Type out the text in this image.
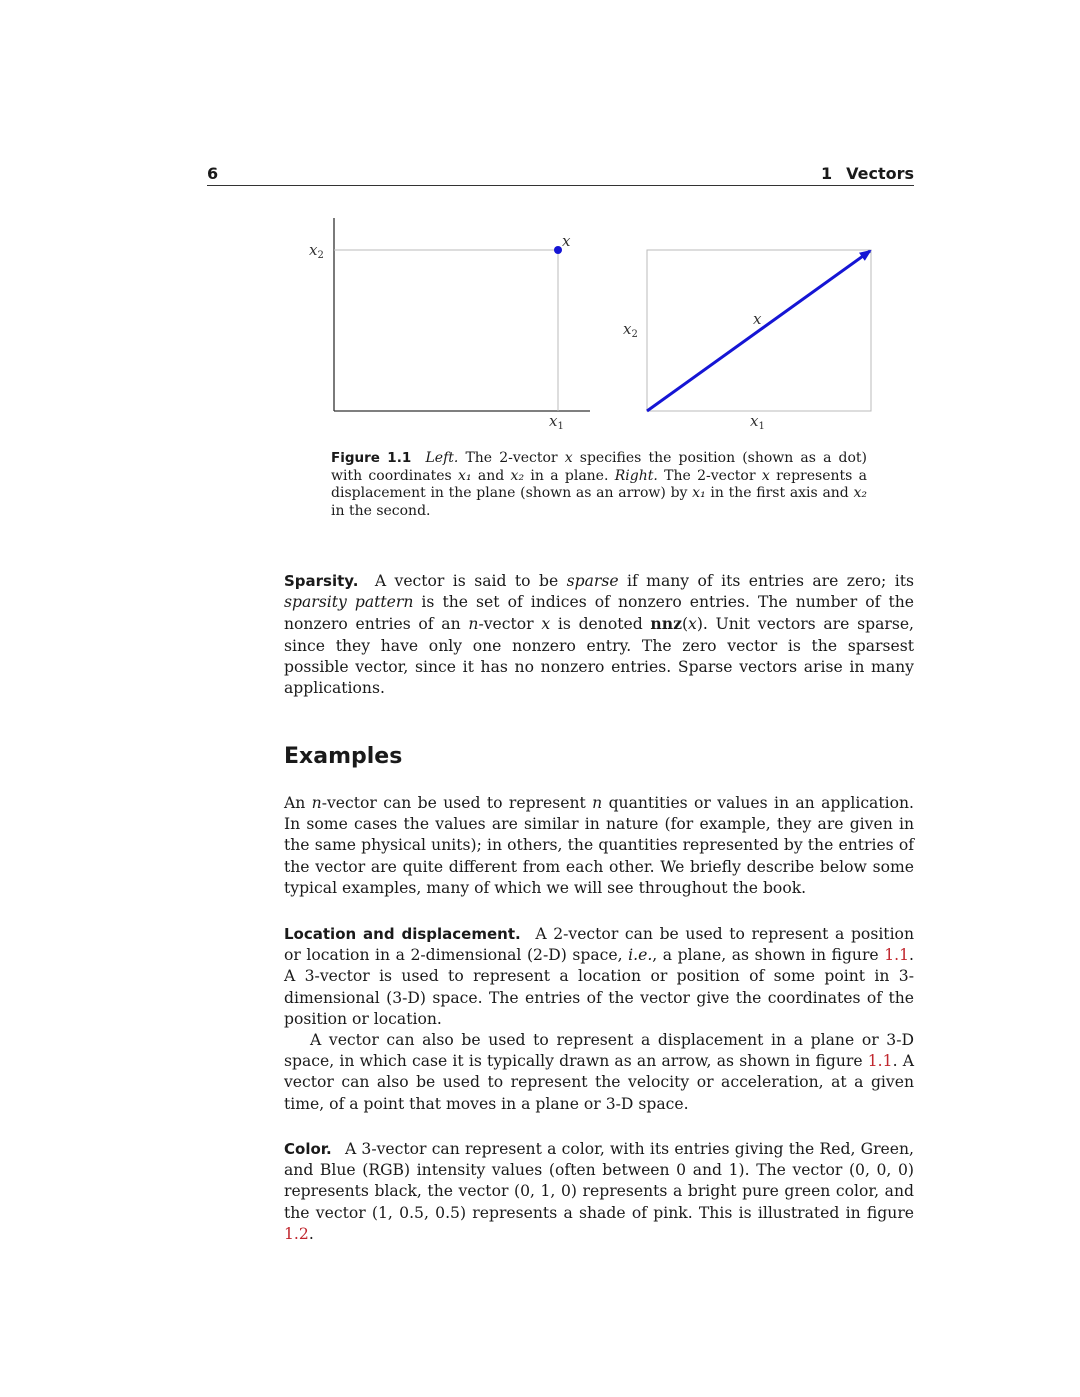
6	1 Vectors
x
$x_2$
$x_1$
x
$x_2$
$x_1$
Figure 1.1 Left. The 2-vector x specifies the position (shown as a dot) with coordinates x₁ and x₂ in a plane. Right. The 2-vector x represents a displacement in the plane (shown as an arrow) by x₁ in the first axis and x₂ in the second.
Sparsity. A vector is said to be sparse if many of its entries are zero; its sparsity pattern is the set of indices of nonzero entries. The number of the nonzero entries of an n-vector x is denoted nnz(x). Unit vectors are sparse, since they have only one nonzero entry. The zero vector is the sparsest possible vector, since it has no nonzero entries. Sparse vectors arise in many applications.
Examples
An n-vector can be used to represent n quantities or values in an application. In some cases the values are similar in nature (for example, they are given in the same physical units); in others, the quantities represented by the entries of the vector are quite different from each other. We briefly describe below some typical examples, many of which we will see throughout the book.
Location and displacement. A 2-vector can be used to represent a position or location in a 2-dimensional (2-D) space, i.e., a plane, as shown in figure 1.1. A 3-vector is used to represent a location or position of some point in 3-dimensional (3-D) space. The entries of the vector give the coordinates of the position or location.
A vector can also be used to represent a displacement in a plane or 3-D space, in which case it is typically drawn as an arrow, as shown in figure 1.1. A vector can also be used to represent the velocity or acceleration, at a given time, of a point that moves in a plane or 3-D space.
Color. A 3-vector can represent a color, with its entries giving the Red, Green, and Blue (RGB) intensity values (often between 0 and 1). The vector (0, 0, 0) represents black, the vector (0, 1, 0) represents a bright pure green color, and the vector (1, 0.5, 0.5) represents a shade of pink. This is illustrated in figure 1.2.
